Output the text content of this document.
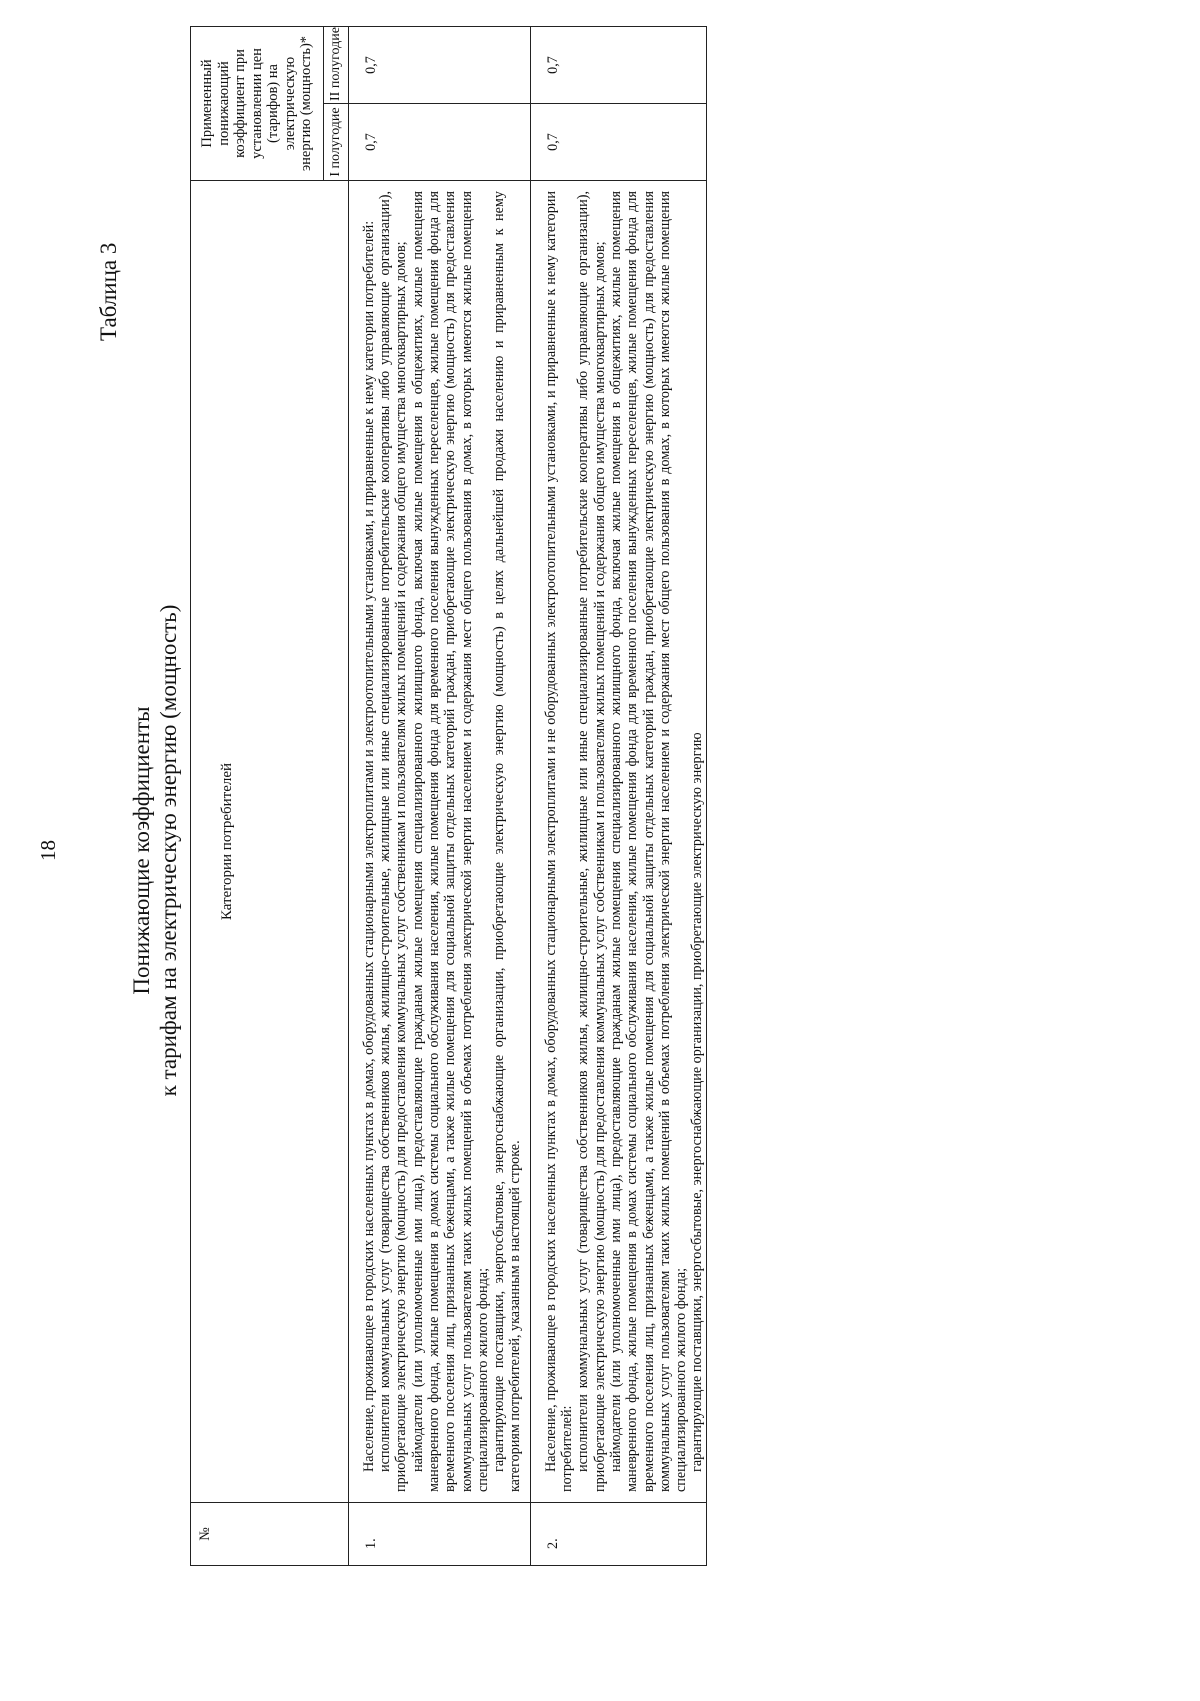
18
Таблица 3
Понижающие коэффициенты к тарифам на электрическую энергию (мощность)
№	Категории потребителей	Примененный понижающий коэффициент при установлении цен (тарифов) на электрическую энергию (мощность)*	
		I полугодие	II полугодие
1.	Население, проживающее в городских населенных пунктах в домах, оборудованных стационарными электроплитами и электроотопительными установками, и приравненные к нему категории потребителей: исполнители коммунальных услуг (товарищества собственников жилья, жилищно-строительные, жилищные или иные специализированные потребительские кооперативы либо управляющие организации), приобретающие электрическую энергию (мощность) для предоставления коммунальных услуг собственникам и пользователям жилых помещений и содержания общего имущества многоквартирных домов; наймодатели (или уполномоченные ими лица), предоставляющие гражданам жилые помещения специализированного жилищного фонда, включая жилые помещения в общежитиях, жилые помещения маневренного фонда, жилые помещения в домах системы социального обслуживания населения, жилые помещения фонда для временного поселения вынужденных переселенцев, жилые помещения фонда для временного поселения лиц, признанных беженцами, а также жилые помещения для социальной защиты отдельных категорий граждан, приобретающие электрическую энергию (мощность) для предоставления коммунальных услуг пользователям таких жилых помещений в объемах потребления электрической энергии населением и содержания мест общего пользования в домах, в которых имеются жилые помещения специализированного жилого фонда; гарантирующие поставщики, энергосбытовые, энергоснабжающие организации, приобретающие электрическую энергию (мощность) в целях дальнейшей продажи населению и приравненным к нему категориям потребителей, указанным в настоящей строке.	0,7	0,7
2.	Население, проживающее в городских населенных пунктах в домах, оборудованных стационарными электроплитами и не оборудованных электроотопительными установками, и приравненные к нему категории потребителей: исполнители коммунальных услуг (товарищества собственников жилья, жилищно-строительные, жилищные или иные специализированные потребительские кооперативы либо управляющие организации), приобретающие электрическую энергию (мощность) для предоставления коммунальных услуг собственникам и пользователям жилых помещений и содержания общего имущества многоквартирных домов; наймодатели (или уполномоченные ими лица), предоставляющие гражданам жилые помещения специализированного жилищного фонда, включая жилые помещения в общежитиях, жилые помещения маневренного фонда, жилые помещения в домах системы социального обслуживания населения, жилые помещения фонда для временного поселения вынужденных переселенцев, жилые помещения фонда для временного поселения лиц, признанных беженцами, а также жилые помещения для социальной защиты отдельных категорий граждан, приобретающие электрическую энергию (мощность) для предоставления коммунальных услуг пользователям таких жилых помещений в объемах потребления электрической энергии населением и содержания мест общего пользования в домах, в которых имеются жилые помещения специализированного жилого фонда; гарантирующие поставщики, энергосбытовые, энергоснабжающие организации, приобретающие электрическую энергию	0,7	0,7
